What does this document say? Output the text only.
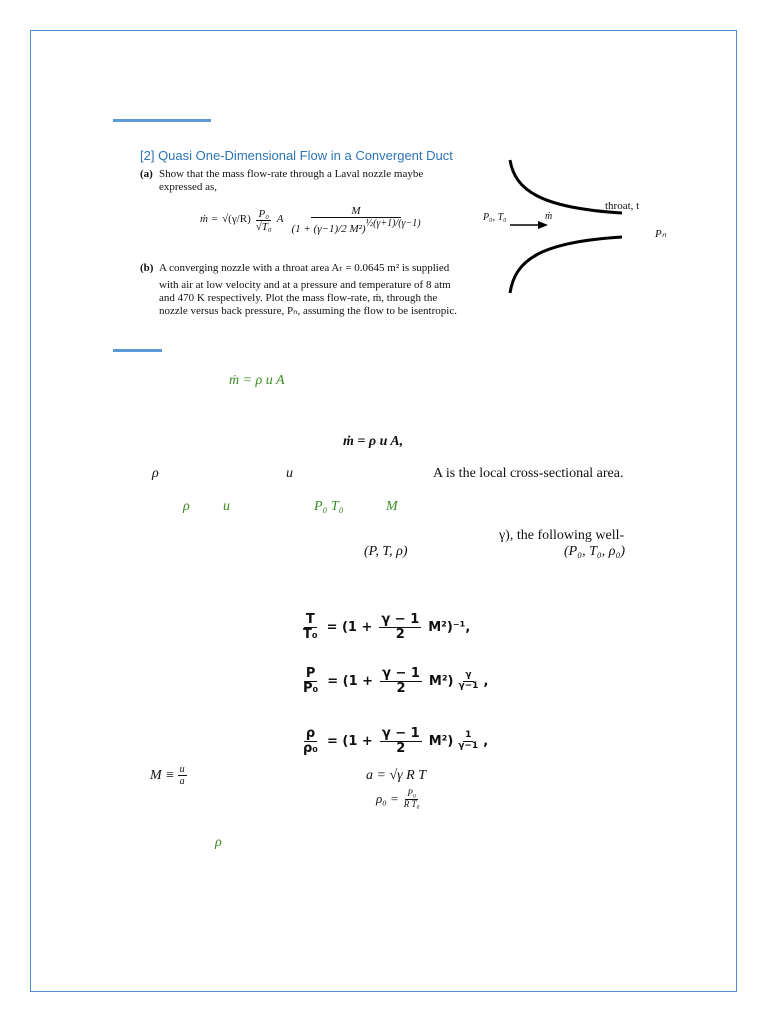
[2] Quasi One-Dimensional Flow in a Convergent Duct
(a) Show that the mass flow-rate through a Laval nozzle maybe
expressed as,
ṁ = $√(\gamma/R) \frac{\text{P₀}}{\text{√T₀}}$ A $\frac{M}{\text{(1 + (γ−1)/2 M²)½(γ+1)/(γ−1)}}$
(b) A converging nozzle with a throat area Aₜ = 0.0645 m² is supplied
with air at low velocity and at a pressure and temperature of 8 atm
and 470 K respectively. Plot the mass flow-rate, ṁ, through the
nozzle versus back pressure, Pₙ, assuming the flow to be isentropic.
P₀, T₀	ṁ
throat, t
Pₙ
ṁ = ρ u A
ṁ = ρ u A,
ρ	u	A is the local cross-sectional area.
ρ u	P₀ T₀	M
γ), the following well-
(P, T, ρ)	(P₀, T₀, ρ₀)
$\frac{T}{\text{T₀}} = (1 + \frac{\gamma - 1}{2} M^2)^{-1}$,
$\frac{P}{\text{P₀}} = (1 + \frac{\gamma - 1}{2} M^2) \frac{\gamma}{\gamma-1}$ ,
$\frac{\rho}{\text{ρ₀}} = (1 + \frac{\gamma - 1}{2} M^2) \frac{1}{\gamma-1}$ ,
$M \equiv \frac{u}{a}$	a = √γ R T
$\rho_0 = \frac{\text{P₀}}{\text{R T₀}}$
ρ
